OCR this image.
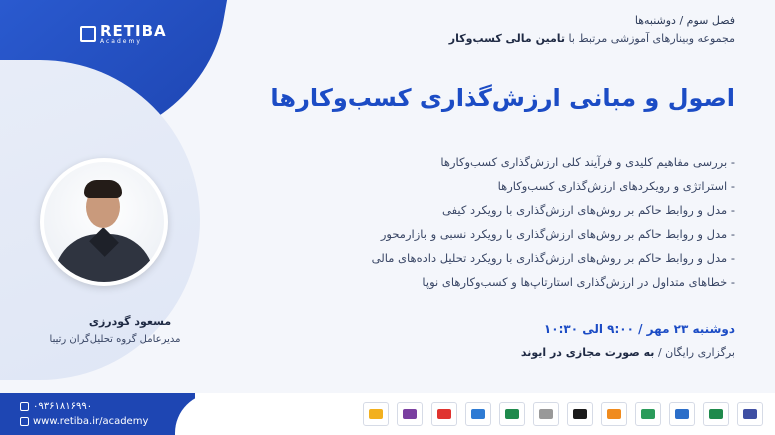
RETIBA
Academy
فصل سوم / دوشنبه‌ها
مجموعه وبینارهای آموزشی مرتبط با تامین مالی کسب‌وکار
اصول و مبانی ارزش‌گذاری کسب‌وکارها
- بررسی مفاهیم کلیدی و فرآیند کلی ارزش‌گذاری کسب‌وکارها
- استراتژی و رویکردهای ارزش‌گذاری کسب‌وکارها
- مدل و روابط حاکم بر روش‌های ارزش‌گذاری با رویکرد کیفی
- مدل و روابط حاکم بر روش‌های ارزش‌گذاری با رویکرد نسبی و بازارمحور
- مدل و روابط حاکم بر روش‌های ارزش‌گذاری با رویکرد تحلیل داده‌های مالی
- خطاهای متداول در ارزش‌گذاری استارتاپ‌ها و کسب‌وکارهای نوپا
مسعود گودرزی
مدیرعامل گروه تحلیل‌گران رتیبا
دوشنبه ۲۳ مهر / ۹:۰۰ الی ۱۰:۳۰
برگزاری رایگان / به صورت مجازی در ایوند
۰۹۳۶۱۸۱۶۹۹۰
www.retiba.ir/academy
